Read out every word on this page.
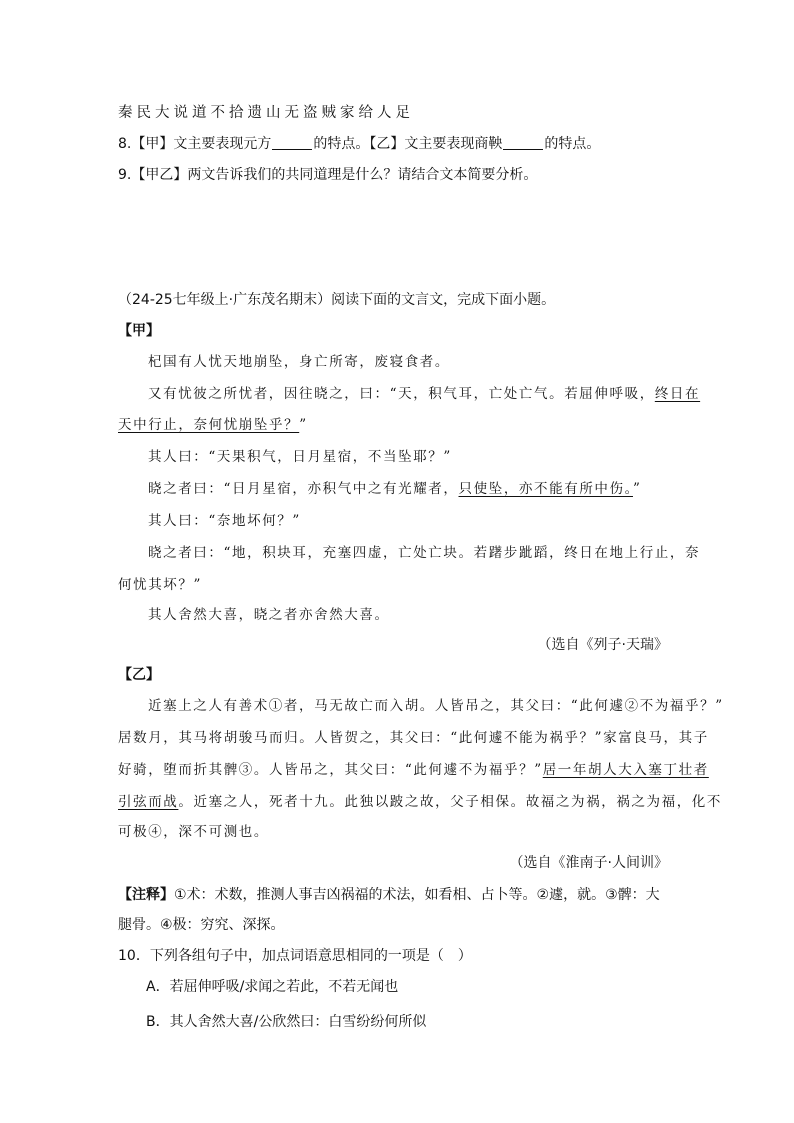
秦民大说道不拾遗山无盗贼家给人足
8.【甲】文主要表现元方	的特点。【乙】文主要表现商鞅	的特点。
9.【甲乙】两文告诉我们的共同道理是什么？请结合文本简要分析。
（24-25七年级上·广东茂名期末）阅读下面的文言文，完成下面小题。
【甲】
杞国有人忧天地崩坠，身亡所寄，废寝食者。
又有忧彼之所忧者，因往晓之，曰：“天，积气耳，亡处亡气。若屈伸呼吸，终日在
天中行止，奈何忧崩坠乎？”
其人曰：“天果积气，日月星宿，不当坠耶？”
晓之者曰：“日月星宿，亦积气中之有光耀者，只使坠，亦不能有所中伤。”
其人曰：“奈地坏何？”
晓之者曰：“地，积块耳，充塞四虚，亡处亡块。若躇步跐蹈，终日在地上行止，奈
何忧其坏？”
其人舍然大喜，晓之者亦舍然大喜。
（选自《列子·天瑞》
【乙】
近塞上之人有善术①者，马无故亡而入胡。人皆吊之，其父曰：“此何遽②不为福乎？”
居数月，其马将胡骏马而归。人皆贺之，其父曰：“此何遽不能为祸乎？”家富良马，其子
好骑，堕而折其髀③。人皆吊之，其父曰：“此何遽不为福乎？”居一年胡人大入塞丁壮者
引弦而战。近塞之人，死者十九。此独以跛之故，父子相保。故福之为祸，祸之为福，化不
可极④，深不可测也。
（选自《淮南子·人间训》
【注释】①术：术数，推测人事吉凶祸福的术法，如看相、占卜等。②遽，就。③髀：大
腿骨。④极：穷究、深探。
10．下列各组句子中，加点词语意思相同的一项是（　）
A．若屈伸呼吸/求闻之若此，不若无闻也
B．其人舍然大喜/公欣然曰：白雪纷纷何所似
